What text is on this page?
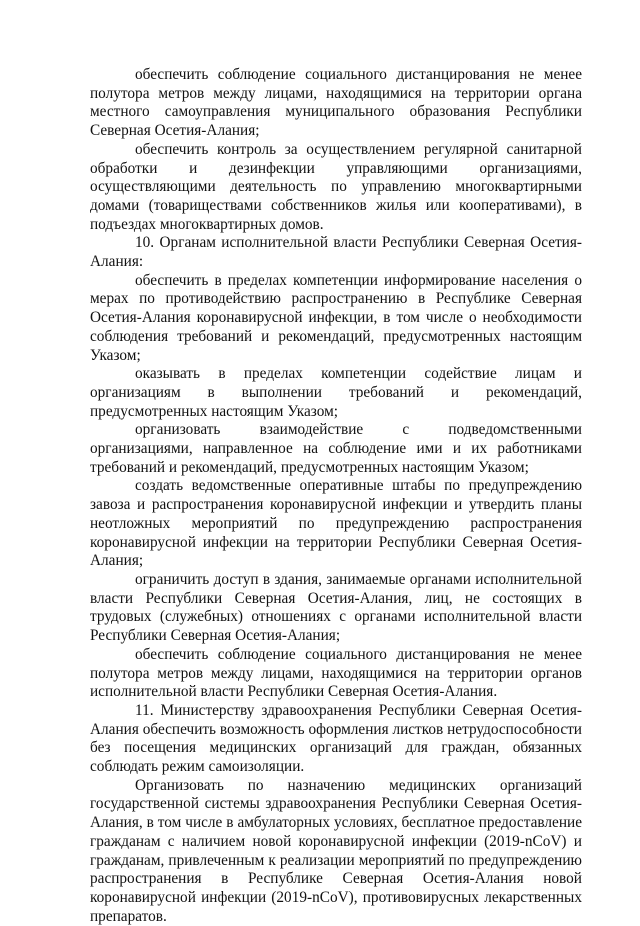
обеспечить соблюдение социального дистанцирования не менее полутора метров между лицами, находящимися на территории органа местного самоуправления муниципального образования Республики Северная Осетия-Алания;

обеспечить контроль за осуществлением регулярной санитарной обработки и дезинфекции управляющими организациями, осуществляющими деятельность по управлению многоквартирными домами (товариществами собственников жилья или кооперативами), в подъездах многоквартирных домов.

10. Органам исполнительной власти Республики Северная Осетия-Алания:

обеспечить в пределах компетенции информирование населения о мерах по противодействию распространению в Республике Северная Осетия-Алания коронавирусной инфекции, в том числе о необходимости соблюдения требований и рекомендаций, предусмотренных настоящим Указом;

оказывать в пределах компетенции содействие лицам и организациям в выполнении требований и рекомендаций, предусмотренных настоящим Указом;

организовать взаимодействие с подведомственными организациями, направленное на соблюдение ими и их работниками требований и рекомендаций, предусмотренных настоящим Указом;

создать ведомственные оперативные штабы по предупреждению завоза и распространения коронавирусной инфекции и утвердить планы неотложных мероприятий по предупреждению распространения коронавирусной инфекции на территории Республики Северная Осетия-Алания;

ограничить доступ в здания, занимаемые органами исполнительной власти Республики Северная Осетия-Алания, лиц, не состоящих в трудовых (служебных) отношениях с органами исполнительной власти Республики Северная Осетия-Алания;

обеспечить соблюдение социального дистанцирования не менее полутора метров между лицами, находящимися на территории органов исполнительной власти Республики Северная Осетия-Алания.

11. Министерству здравоохранения Республики Северная Осетия-Алания обеспечить возможность оформления листков нетрудоспособности без посещения медицинских организаций для граждан, обязанных соблюдать режим самоизоляции.

Организовать по назначению медицинских организаций государственной системы здравоохранения Республики Северная Осетия-Алания, в том числе в амбулаторных условиях, бесплатное предоставление гражданам с наличием новой коронавирусной инфекции (2019-nCoV) и гражданам, привлеченным к реализации мероприятий по предупреждению распространения в Республике Северная Осетия-Алания новой коронавирусной инфекции (2019-nCoV), противовирусных лекарственных препаратов.
